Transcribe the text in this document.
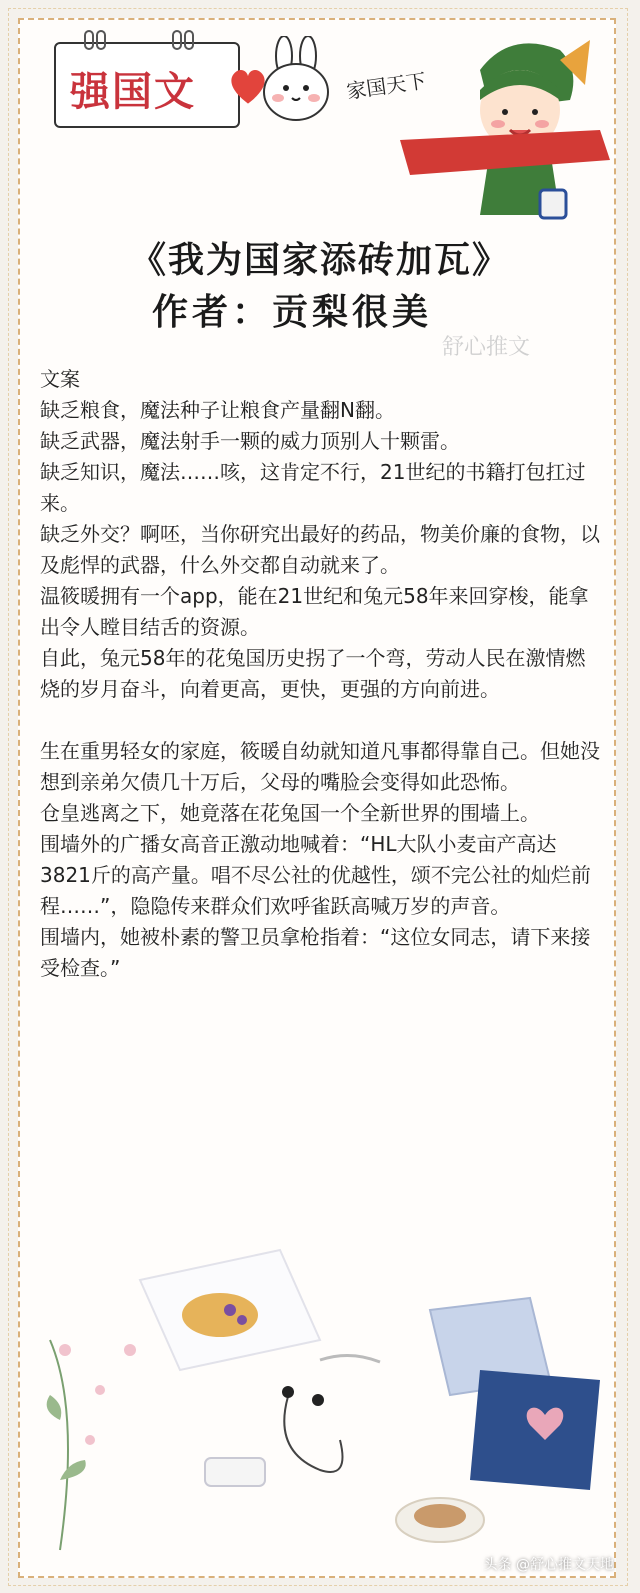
强国文	家国天下
《我为国家添砖加瓦》
作者：贡梨很美
舒心推文

文案

缺乏粮食，魔法种子让粮食产量翻N翻。

缺乏武器，魔法射手一颗的威力顶别人十颗雷。

缺乏知识，魔法……咳，这肯定不行，21世纪的书籍打包扛过来。

缺乏外交？啊呸，当你研究出最好的药品，物美价廉的食物，以及彪悍的武器，什么外交都自动就来了。

温筱暖拥有一个app，能在21世纪和兔元58年来回穿梭，能拿出令人瞠目结舌的资源。

自此，兔元58年的花兔国历史拐了一个弯，劳动人民在激情燃烧的岁月奋斗，向着更高，更快，更强的方向前进。

生在重男轻女的家庭，筱暖自幼就知道凡事都得靠自己。但她没想到亲弟欠债几十万后，父母的嘴脸会变得如此恐怖。

仓皇逃离之下，她竟落在花兔国一个全新世界的围墙上。

围墙外的广播女高音正激动地喊着：“HL大队小麦亩产高达3821斤的高产量。唱不尽公社的优越性，颂不完公社的灿烂前程……”，隐隐传来群众们欢呼雀跃高喊万岁的声音。

围墙内，她被朴素的警卫员拿枪指着：“这位女同志，请下来接受检查。”

头条 @舒心推文天地
